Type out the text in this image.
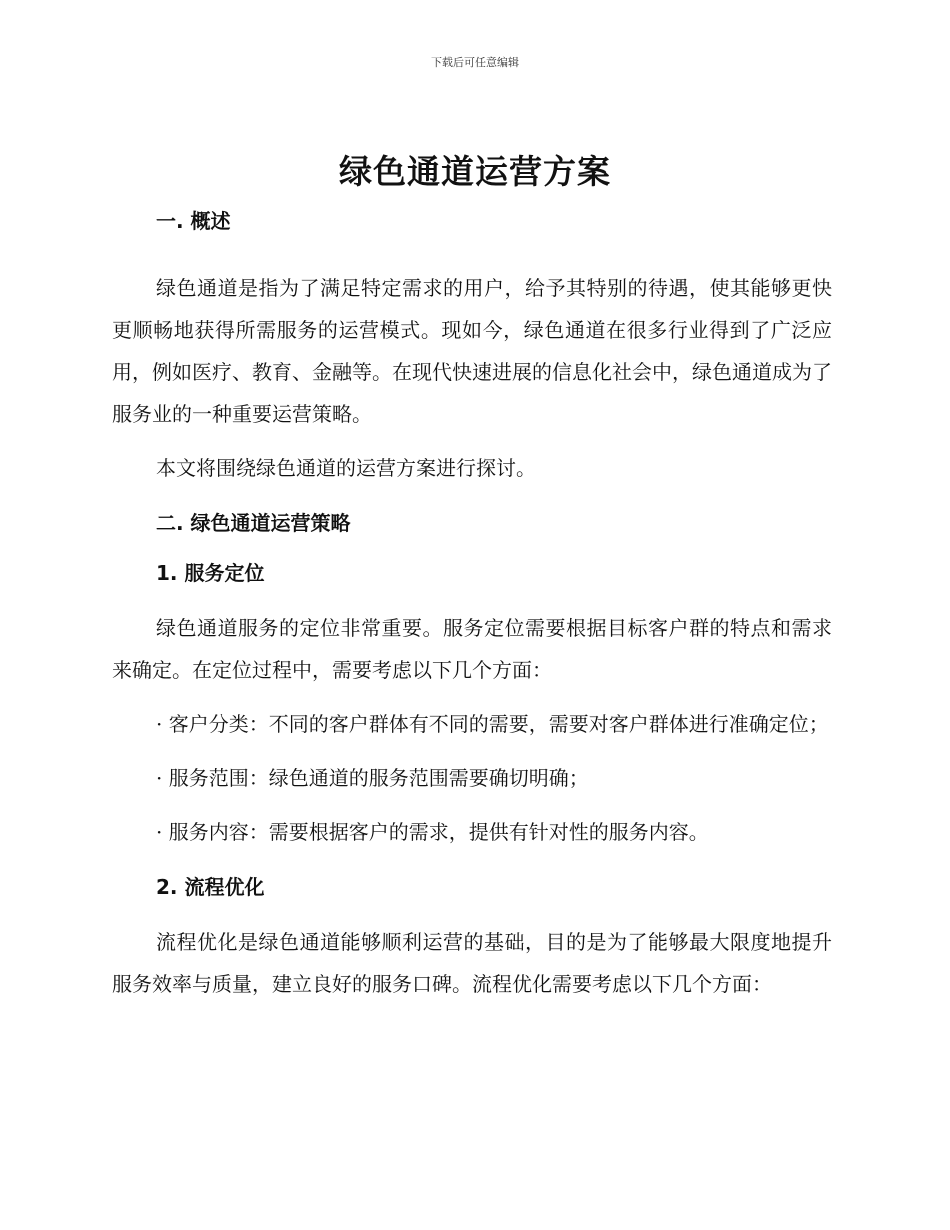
下载后可任意编辑
绿色通道运营方案

一. 概述

绿色通道是指为了满足特定需求的用户，给予其特别的待遇，使其能够更快更顺畅地获得所需服务的运营模式。现如今，绿色通道在很多行业得到了广泛应用，例如医疗、教育、金融等。在现代快速进展的信息化社会中，绿色通道成为了服务业的一种重要运营策略。

本文将围绕绿色通道的运营方案进行探讨。

二. 绿色通道运营策略

1. 服务定位

绿色通道服务的定位非常重要。服务定位需要根据目标客户群的特点和需求来确定。在定位过程中，需要考虑以下几个方面：

· 客户分类：不同的客户群体有不同的需要，需要对客户群体进行准确定位；

· 服务范围：绿色通道的服务范围需要确切明确；

· 服务内容：需要根据客户的需求，提供有针对性的服务内容。

2. 流程优化

流程优化是绿色通道能够顺利运营的基础，目的是为了能够最大限度地提升服务效率与质量，建立良好的服务口碑。流程优化需要考虑以下几个方面：
